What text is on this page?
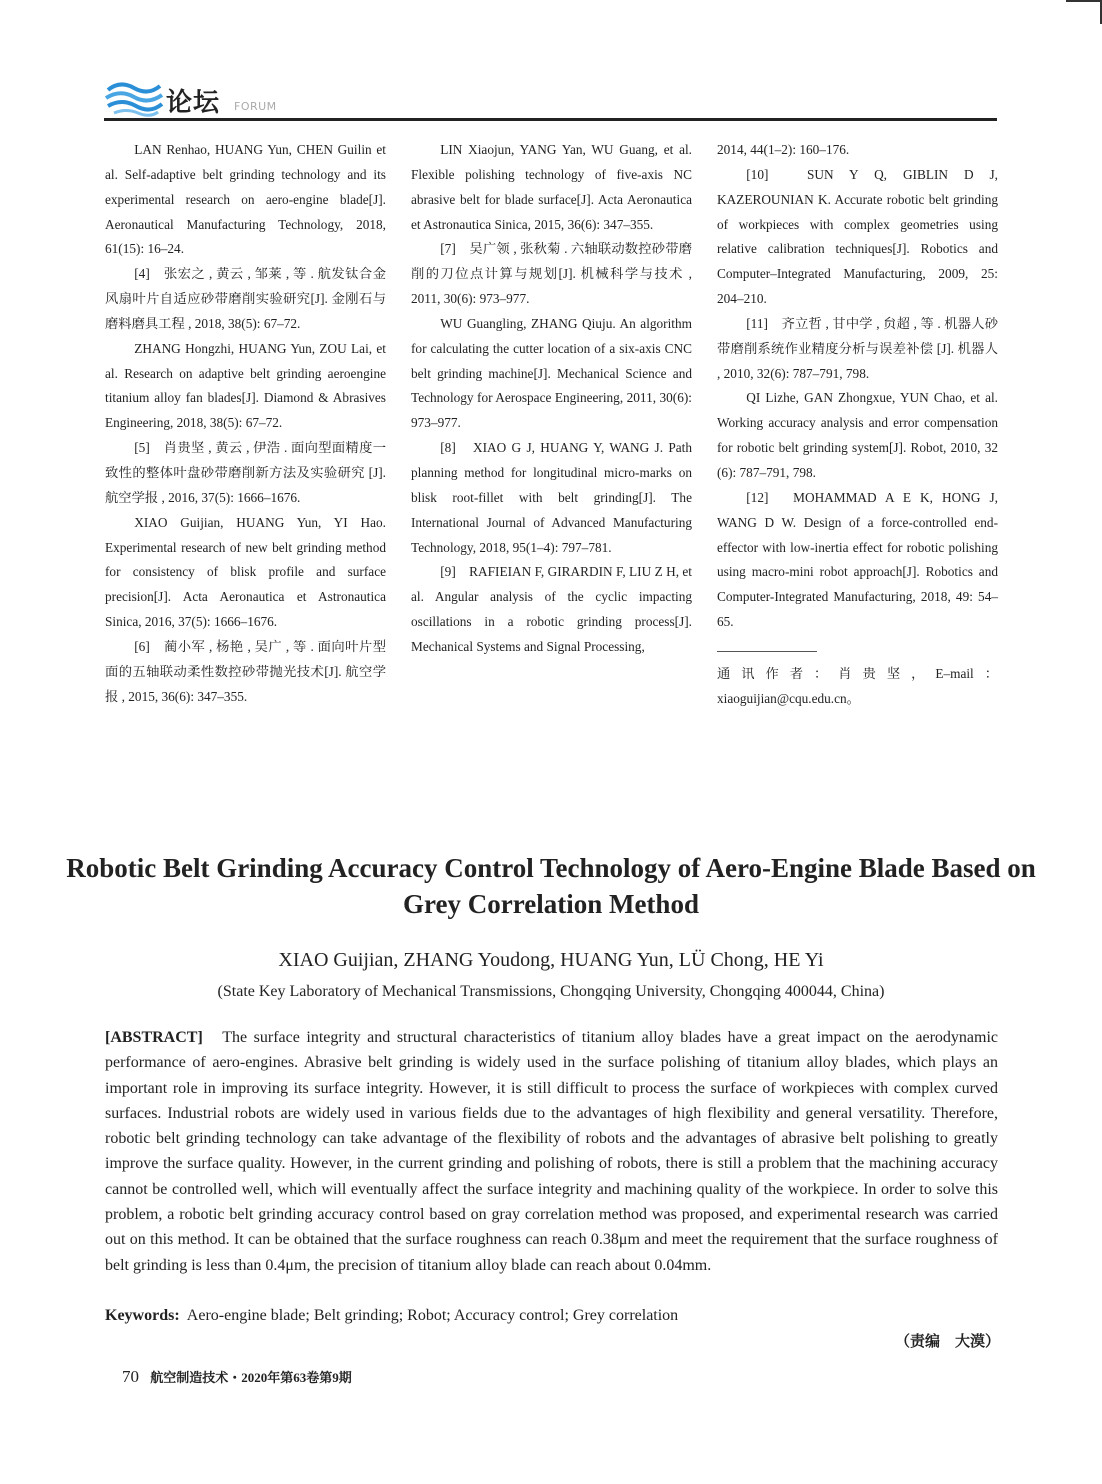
论坛 FORUM

LAN Renhao, HUANG Yun, CHEN Guilin et al. Self-adaptive belt grinding technology and its experimental research on aero-engine blade[J]. Aeronautical Manufacturing Technology, 2018, 61(15): 16–24.

[4]　张宏之 , 黄云 , 邹莱 , 等 . 航发钛合金风扇叶片自适应砂带磨削实验研究[J]. 金刚石与磨料磨具工程 , 2018, 38(5): 67–72.

ZHANG Hongzhi, HUANG Yun, ZOU Lai, et al. Research on adaptive belt grinding aeroengine titanium alloy fan blades[J]. Diamond & Abrasives Engineering, 2018, 38(5): 67–72.

[5]　肖贵坚 , 黄云 , 伊浩 . 面向型面精度一致性的整体叶盘砂带磨削新方法及实验研究 [J]. 航空学报 , 2016, 37(5): 1666–1676.

XIAO Guijian, HUANG Yun, YI Hao. Experimental research of new belt grinding method for consistency of blisk profile and surface precision[J]. Acta Aeronautica et Astronautica Sinica, 2016, 37(5): 1666–1676.

[6]　蔺小军 , 杨艳 , 吴广 , 等 . 面向叶片型面的五轴联动柔性数控砂带抛光技术[J]. 航空学报 , 2015, 36(6): 347–355.

LIN Xiaojun, YANG Yan, WU Guang, et al. Flexible polishing technology of five-axis NC abrasive belt for blade surface[J]. Acta Aeronautica et Astronautica Sinica, 2015, 36(6): 347–355.

[7]　吴广领 , 张秋菊 . 六轴联动数控砂带磨削的刀位点计算与规划[J]. 机械科学与技术 , 2011, 30(6): 973–977.

WU Guangling, ZHANG Qiuju. An algorithm for calculating the cutter location of a six-axis CNC belt grinding machine[J]. Mechanical Science and Technology for Aerospace Engineering, 2011, 30(6): 973–977.

[8]　XIAO G J, HUANG Y, WANG J. Path planning method for longitudinal micro-marks on blisk root-fillet with belt grinding[J]. The International Journal of Advanced Manufacturing Technology, 2018, 95(1–4): 797–781.

[9]　RAFIEIAN F, GIRARDIN F, LIU Z H, et al. Angular analysis of the cyclic impacting oscillations in a robotic grinding process[J]. Mechanical Systems and Signal Processing,

2014, 44(1–2): 160–176.

[10]　SUN Y Q, GIBLIN D J, KAZEROUNIAN K. Accurate robotic belt grinding of workpieces with complex geometries using relative calibration techniques[J]. Robotics and Computer–Integrated Manufacturing, 2009, 25: 204–210.

[11]　齐立哲 , 甘中学 , 贠超 , 等 . 机器人砂带磨削系统作业精度分析与误差补偿 [J]. 机器人 , 2010, 32(6): 787–791, 798.

QI Lizhe, GAN Zhongxue, YUN Chao, et al. Working accuracy analysis and error compensation for robotic belt grinding system[J]. Robot, 2010, 32 (6): 787–791, 798.

[12]　MOHAMMAD A E K, HONG J, WANG D W. Design of a force-controlled end-effector with low-inertia effect for robotic polishing using macro-mini robot approach[J]. Robotics and Computer-Integrated Manufacturing, 2018, 49: 54–65.

通讯作者：肖贵坚，E–mail：xiaoguijian@cqu.edu.cn。

Robotic Belt Grinding Accuracy Control Technology of Aero-Engine Blade Based on Grey Correlation Method
XIAO Guijian, ZHANG Youdong, HUANG Yun, LÜ Chong, HE Yi
(State Key Laboratory of Mechanical Transmissions, Chongqing University, Chongqing 400044, China)
[ABSTRACT] The surface integrity and structural characteristics of titanium alloy blades have a great impact on the aerodynamic performance of aero-engines. Abrasive belt grinding is widely used in the surface polishing of titanium alloy blades, which plays an important role in improving its surface integrity. However, it is still difficult to process the surface of workpieces with complex curved surfaces. Industrial robots are widely used in various fields due to the advantages of high flexibility and general versatility. Therefore, robotic belt grinding technology can take advantage of the flexibility of robots and the advantages of abrasive belt polishing to greatly improve the surface quality. However, in the current grinding and polishing of robots, there is still a problem that the machining accuracy cannot be controlled well, which will eventually affect the surface integrity and machining quality of the workpiece. In order to solve this problem, a robotic belt grinding accuracy control based on gray correlation method was proposed, and experimental research was carried out on this method. It can be obtained that the surface roughness can reach 0.38μm and meet the requirement that the surface roughness of belt grinding is less than 0.4μm, the precision of titanium alloy blade can reach about 0.04mm.
Keywords: Aero-engine blade; Belt grinding; Robot; Accuracy control; Grey correlation
（责编　大漠）
70 航空制造技术・2020年第63卷第9期
